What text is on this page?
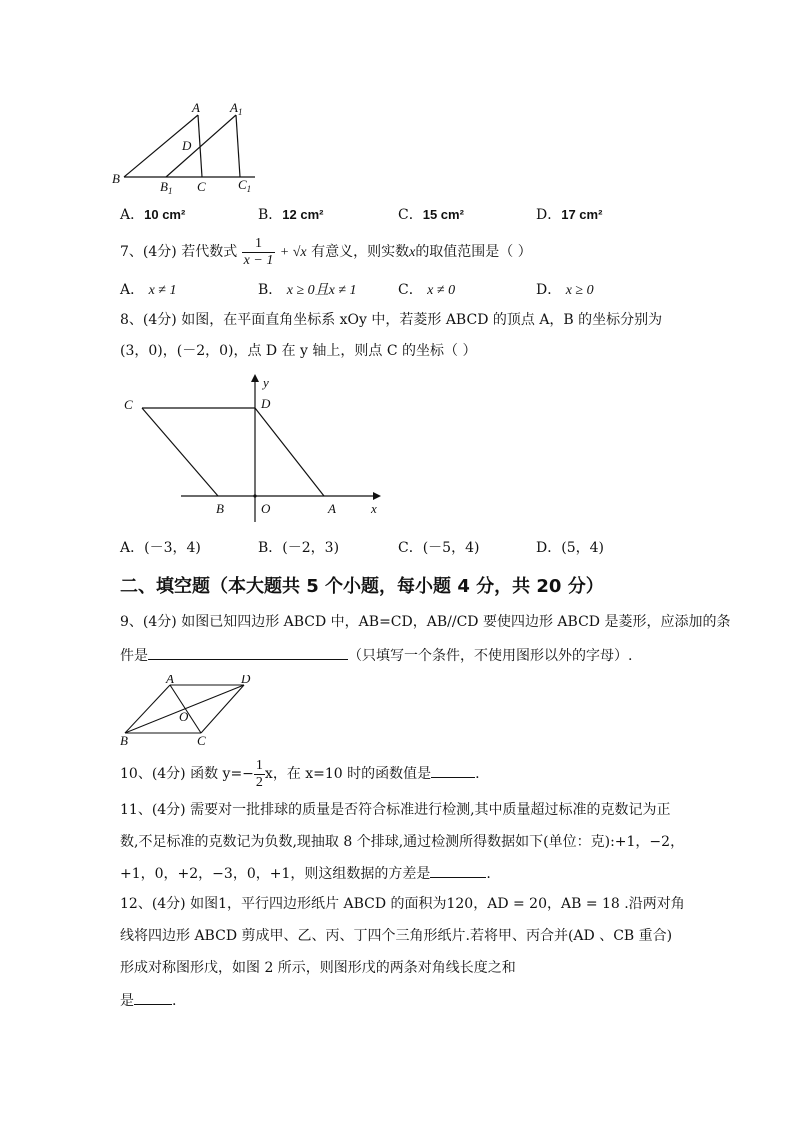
A $A_1$
D
B
$B_1$ C $C_1$
A．10 cm²	B．12 cm²	C．15 cm²	D．17 cm²
7、(4分) 若代数式 $\frac{1}{x - 1} + √x$ 有意义，则实数x的取值范围是（ ）
A． x ≠ 1	B． x ≥ 0且x ≠ 1	C． x ≠ 0	D． x ≥ 0
8、(4分) 如图，在平面直角坐标系 xOy 中，若菱形 ABCD 的顶点 A，B 的坐标分别为
(3，0)，(－2，0)，点 D 在 y 轴上，则点 C 的坐标（ ）
C	D
B	O	A	x
y
A．(－3，4)	B．(－2，3)	C．(－5，4)	D．(5，4)
二、填空题（本大题共 5 个小题，每小题 4 分，共 20 分）
9、(4分) 如图已知四边形 ABCD 中，AB=CD，AB//CD 要使四边形 ABCD 是菱形，应添加的条
件是	（只填写一个条件，不使用图形以外的字母）.
A	D
O
B	C
10、(4分) 函数 $y=- \frac{1}{2}$ x，在 x=10 时的函数值是	.
11、(4分) 需要对一批排球的质量是否符合标准进行检测,其中质量超过标准的克数记为正
数,不足标准的克数记为负数,现抽取 8 个排球,通过检测所得数据如下(单位：克):+1，−2，
+1，0，+2，−3，0，+1，则这组数据的方差是	.
12、(4分) 如图1，平行四边形纸片 ABCD 的面积为120，AD = 20，AB = 18 .沿两对角
线将四边形 ABCD 剪成甲、乙、丙、丁四个三角形纸片.若将甲、丙合并(AD 、CB 重合)
形成对称图形戊，如图 2 所示，则图形戊的两条对角线长度之和
是	.
